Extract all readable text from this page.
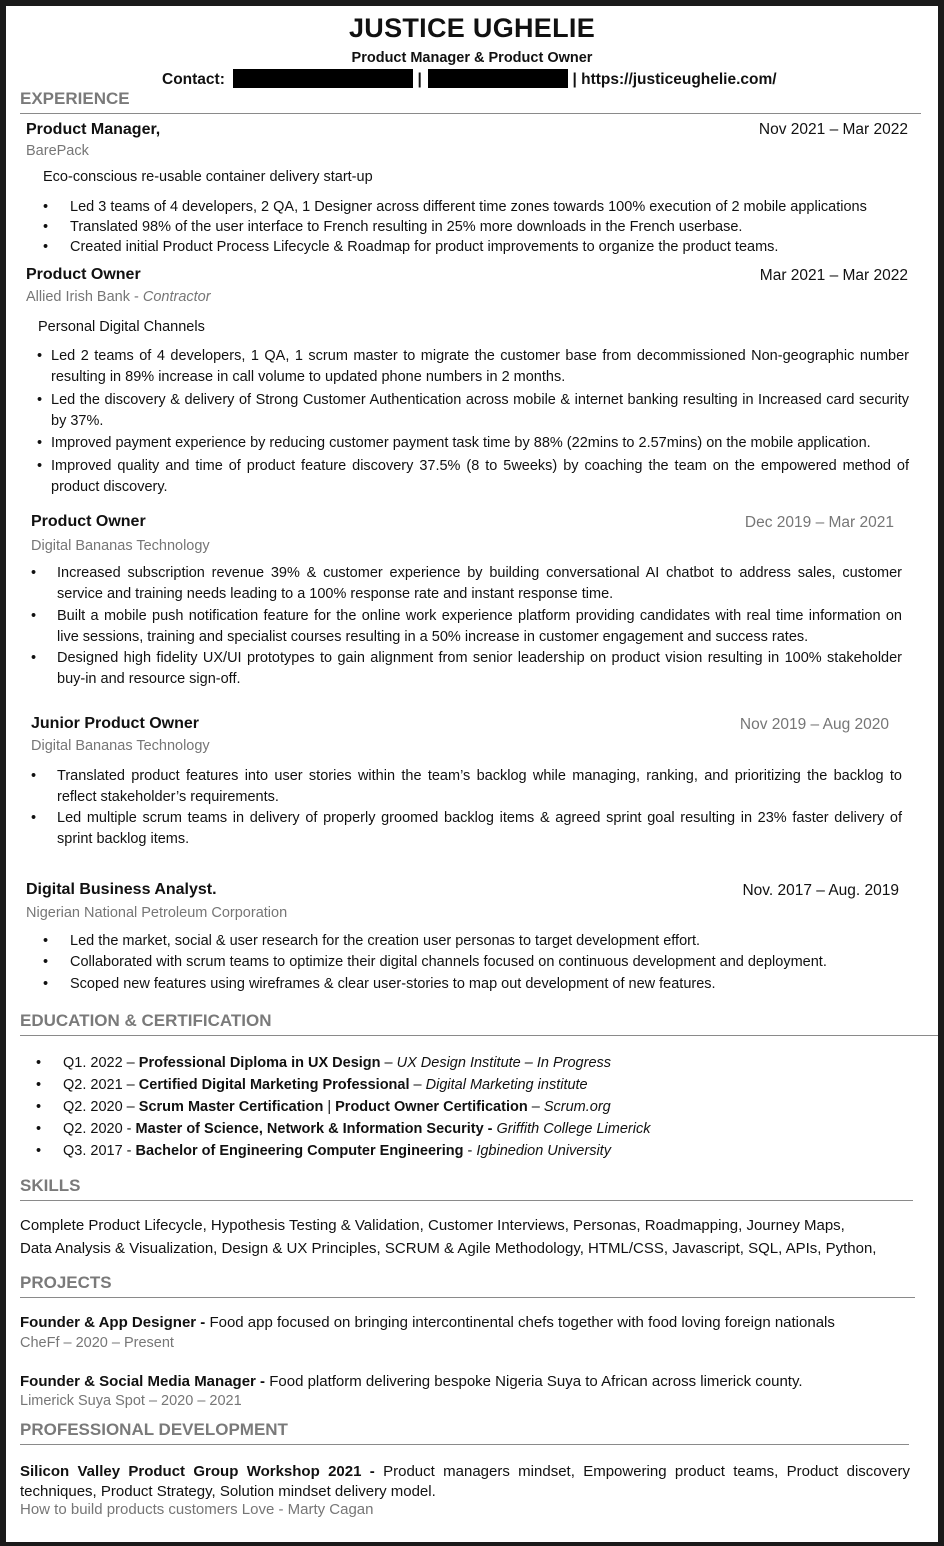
JUSTICE UGHELIE
Product Manager & Product Owner
Contact:	|	| https://justiceughelie.com/
EXPERIENCE
Product Manager,	Nov 2021 – Mar 2022
BarePack
Eco-conscious re-usable container delivery start-up
• Led 3 teams of 4 developers, 2 QA, 1 Designer across different time zones towards 100% execution of 2 mobile applications
• Translated 98% of the user interface to French resulting in 25% more downloads in the French userbase.
• Created initial Product Process Lifecycle & Roadmap for product improvements to organize the product teams.
Product Owner	Mar 2021 – Mar 2022
Allied Irish Bank - Contractor
Personal Digital Channels
• Led 2 teams of 4 developers, 1 QA, 1 scrum master to migrate the customer base from decommissioned Non-geographic number resulting in 89% increase in call volume to updated phone numbers in 2 months.
• Led the discovery & delivery of Strong Customer Authentication across mobile & internet banking resulting in Increased card security by 37%.
• Improved payment experience by reducing customer payment task time by 88% (22mins to 2.57mins) on the mobile application.
• Improved quality and time of product feature discovery 37.5% (8 to 5weeks) by coaching the team on the empowered method of product discovery.
Product Owner	Dec 2019 – Mar 2021
Digital Bananas Technology
• Increased subscription revenue 39% & customer experience by building conversational AI chatbot to address sales, customer service and training needs leading to a 100% response rate and instant response time.
• Built a mobile push notification feature for the online work experience platform providing candidates with real time information on live sessions, training and specialist courses resulting in a 50% increase in customer engagement and success rates.
• Designed high fidelity UX/UI prototypes to gain alignment from senior leadership on product vision resulting in 100% stakeholder buy-in and resource sign-off.
Junior Product Owner	Nov 2019 – Aug 2020
Digital Bananas Technology
• Translated product features into user stories within the team’s backlog while managing, ranking, and prioritizing the backlog to reflect stakeholder’s requirements.
• Led multiple scrum teams in delivery of properly groomed backlog items & agreed sprint goal resulting in 23% faster delivery of sprint backlog items.
Digital Business Analyst.	Nov. 2017 – Aug. 2019
Nigerian National Petroleum Corporation
• Led the market, social & user research for the creation user personas to target development effort.
• Collaborated with scrum teams to optimize their digital channels focused on continuous development and deployment.
• Scoped new features using wireframes & clear user-stories to map out development of new features.
EDUCATION & CERTIFICATION
• Q1. 2022 – Professional Diploma in UX Design – UX Design Institute – In Progress
• Q2. 2021 – Certified Digital Marketing Professional – Digital Marketing institute
• Q2. 2020 – Scrum Master Certification | Product Owner Certification – Scrum.org
• Q2. 2020 - Master of Science, Network & Information Security - Griffith College Limerick
• Q3. 2017 - Bachelor of Engineering Computer Engineering - Igbinedion University
SKILLS
Complete Product Lifecycle, Hypothesis Testing & Validation, Customer Interviews, Personas, Roadmapping, Journey Maps,
Data Analysis & Visualization, Design & UX Principles, SCRUM & Agile Methodology, HTML/CSS, Javascript, SQL, APIs, Python,
PROJECTS
Founder & App Designer - Food app focused on bringing intercontinental chefs together with food loving foreign nationals
CheFf – 2020 – Present
Founder & Social Media Manager - Food platform delivering bespoke Nigeria Suya to African across limerick county.
Limerick Suya Spot – 2020 – 2021
PROFESSIONAL DEVELOPMENT
Silicon Valley Product Group Workshop 2021 - Product managers mindset, Empowering product teams, Product discovery techniques, Product Strategy, Solution mindset delivery model.
How to build products customers Love - Marty Cagan
